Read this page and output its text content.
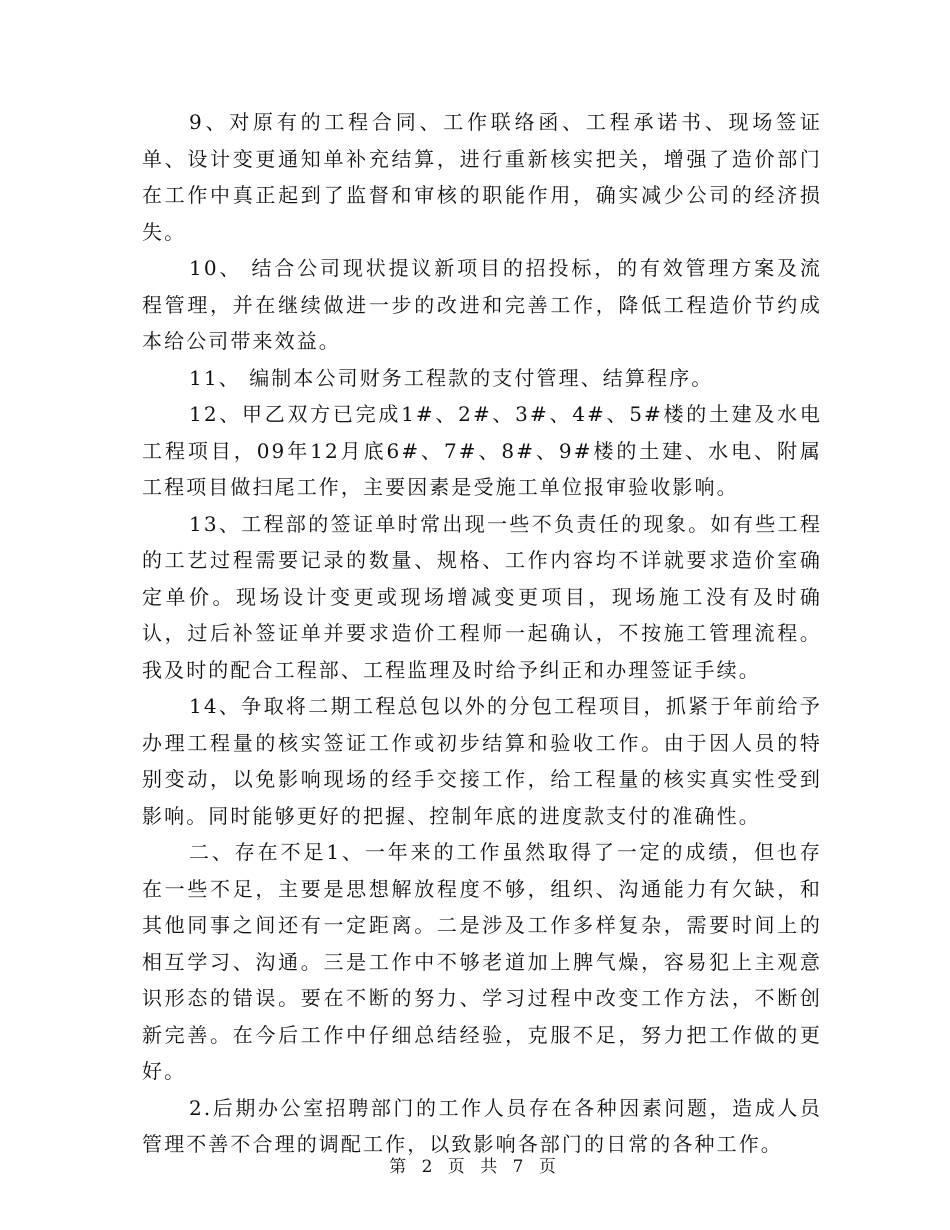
9、对原有的工程合同、工作联络函、工程承诺书、现场签证单、设计变更通知单补充结算，进行重新核实把关，增强了造价部门在工作中真正起到了监督和审核的职能作用，确实减少公司的经济损失。

10、 结合公司现状提议新项目的招投标，的有效管理方案及流程管理，并在继续做进一步的改进和完善工作，降低工程造价节约成本给公司带来效益。

11、 编制本公司财务工程款的支付管理、结算程序。

12、甲乙双方已完成1#、2#、3#、4#、5#楼的土建及水电工程项目，09年12月底6#、7#、8#、9#楼的土建、水电、附属工程项目做扫尾工作，主要因素是受施工单位报审验收影响。

13、工程部的签证单时常出现一些不负责任的现象。如有些工程的工艺过程需要记录的数量、规格、工作内容均不详就要求造价室确定单价。现场设计变更或现场增减变更项目，现场施工没有及时确认，过后补签证单并要求造价工程师一起确认，不按施工管理流程。我及时的配合工程部、工程监理及时给予纠正和办理签证手续。

14、争取将二期工程总包以外的分包工程项目，抓紧于年前给予办理工程量的核实签证工作或初步结算和验收工作。由于因人员的特别变动，以免影响现场的经手交接工作，给工程量的核实真实性受到影响。同时能够更好的把握、控制年底的进度款支付的准确性。

二、存在不足1、一年来的工作虽然取得了一定的成绩，但也存在一些不足，主要是思想解放程度不够，组织、沟通能力有欠缺，和其他同事之间还有一定距离。二是涉及工作多样复杂，需要时间上的相互学习、沟通。三是工作中不够老道加上脾气燥，容易犯上主观意识形态的错误。要在不断的努力、学习过程中改变工作方法，不断创新完善。在今后工作中仔细总结经验，克服不足，努力把工作做的更好。

2.后期办公室招聘部门的工作人员存在各种因素问题，造成人员管理不善不合理的调配工作，以致影响各部门的日常的各种工作。

第 2 页 共 7 页
